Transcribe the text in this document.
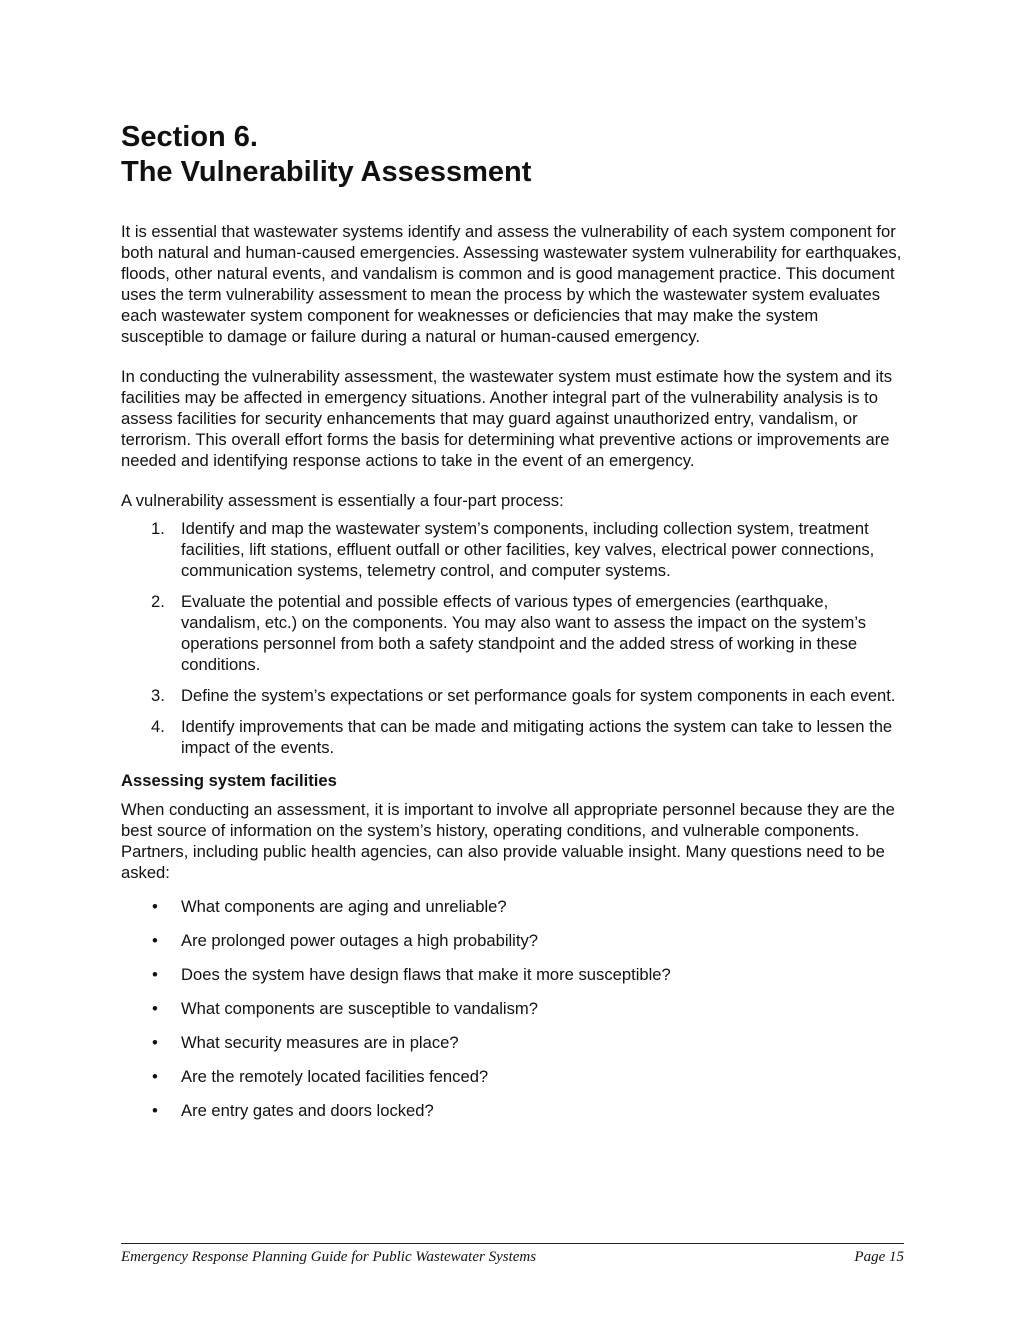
Section 6.
The Vulnerability Assessment

It is essential that wastewater systems identify and assess the vulnerability of each system component for both natural and human-caused emergencies. Assessing wastewater system vulnerability for earthquakes, floods, other natural events, and vandalism is common and is good management practice. This document uses the term vulnerability assessment to mean the process by which the wastewater system evaluates each wastewater system component for weaknesses or deficiencies that may make the system susceptible to damage or failure during a natural or human-caused emergency.

In conducting the vulnerability assessment, the wastewater system must estimate how the system and its facilities may be affected in emergency situations. Another integral part of the vulnerability analysis is to assess facilities for security enhancements that may guard against unauthorized entry, vandalism, or terrorism. This overall effort forms the basis for determining what preventive actions or improvements are needed and identifying response actions to take in the event of an emergency.

A vulnerability assessment is essentially a four-part process:

1. Identify and map the wastewater system’s components, including collection system, treatment facilities, lift stations, effluent outfall or other facilities, key valves, electrical power connections, communication systems, telemetry control, and computer systems.
2. Evaluate the potential and possible effects of various types of emergencies (earthquake, vandalism, etc.) on the components. You may also want to assess the impact on the system’s operations personnel from both a safety standpoint and the added stress of working in these conditions.
3. Define the system’s expectations or set performance goals for system components in each event.
4. Identify improvements that can be made and mitigating actions the system can take to lessen the impact of the events.
Assessing system facilities

When conducting an assessment, it is important to involve all appropriate personnel because they are the best source of information on the system’s history, operating conditions, and vulnerable components. Partners, including public health agencies, can also provide valuable insight. Many questions need to be asked:

• What components are aging and unreliable?
• Are prolonged power outages a high probability?
• Does the system have design flaws that make it more susceptible?
• What components are susceptible to vandalism?
• What security measures are in place?
• Are the remotely located facilities fenced?
• Are entry gates and doors locked?
Emergency Response Planning Guide for Public Wastewater Systems	Page 15
